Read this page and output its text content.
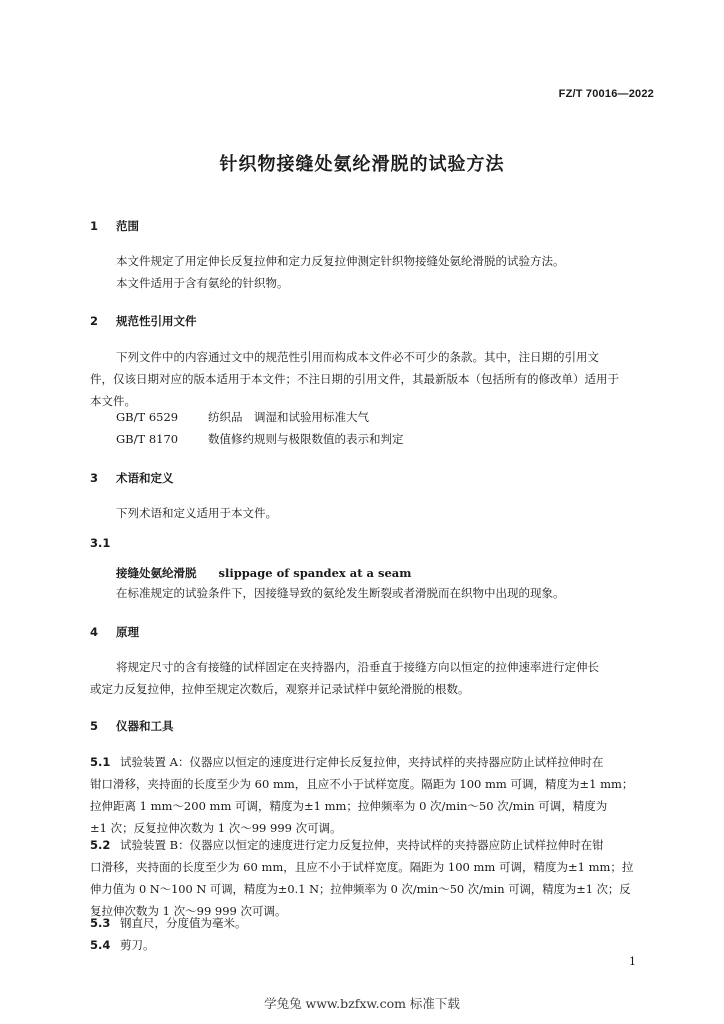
FZ/T 70016—2022
针织物接缝处氨纶滑脱的试验方法
1 范围
本文件规定了用定伸长反复拉伸和定力反复拉伸测定针织物接缝处氨纶滑脱的试验方法。
本文件适用于含有氨纶的针织物。
2 规范性引用文件
下列文件中的内容通过文中的规范性引用而构成本文件必不可少的条款。其中，注日期的引用文
件，仅该日期对应的版本适用于本文件；不注日期的引用文件，其最新版本（包括所有的修改单）适用于
本文件。
GB/T 6529	纺织品　调湿和试验用标准大气
GB/T 8170	数值修约规则与极限数值的表示和判定
3 术语和定义
下列术语和定义适用于本文件。
3.1
接缝处氨纶滑脱 slippage of spandex at a seam
在标准规定的试验条件下，因接缝导致的氨纶发生断裂或者滑脱而在织物中出现的现象。
4 原理
将规定尺寸的含有接缝的试样固定在夹持器内，沿垂直于接缝方向以恒定的拉伸速率进行定伸长
或定力反复拉伸，拉伸至规定次数后，观察并记录试样中氨纶滑脱的根数。
5 仪器和工具
5.1 试验装置 A：仪器应以恒定的速度进行定伸长反复拉伸，夹持试样的夹持器应防止试样拉伸时在
钳口滑移，夹持面的长度至少为 60 mm，且应不小于试样宽度。隔距为 100 mm 可调，精度为±1 mm；
拉伸距离 1 mm～200 mm 可调，精度为±1 mm；拉伸频率为 0 次/min～50 次/min 可调，精度为
±1 次；反复拉伸次数为 1 次～99 999 次可调。
5.2 试验装置 B：仪器应以恒定的速度进行定力反复拉伸，夹持试样的夹持器应防止试样拉伸时在钳
口滑移，夹持面的长度至少为 60 mm，且应不小于试样宽度。隔距为 100 mm 可调，精度为±1 mm；拉
伸力值为 0 N～100 N 可调，精度为±0.1 N；拉伸频率为 0 次/min～50 次/min 可调，精度为±1 次；反
复拉伸次数为 1 次～99 999 次可调。
5.3 钢直尺，分度值为毫米。
5.4 剪刀。
1
学兔兔 www.bzfxw.com 标准下载
